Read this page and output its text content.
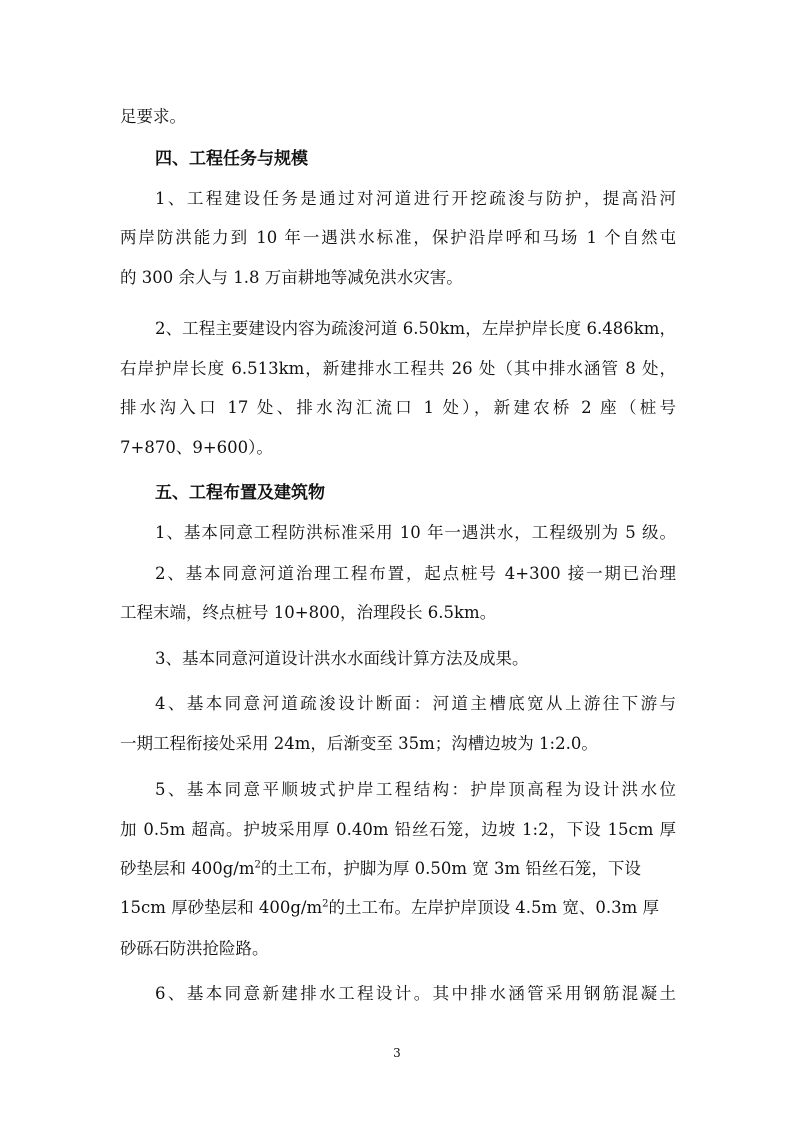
足要求。
四、工程任务与规模
1、工程建设任务是通过对河道进行开挖疏浚与防护，提高沿河
两岸防洪能力到 10 年一遇洪水标准，保护沿岸呼和马场 1 个自然屯
的 300 余人与 1.8 万亩耕地等减免洪水灾害。
2、工程主要建设内容为疏浚河道 6.50km，左岸护岸长度 6.486km，
右岸护岸长度 6.513km，新建排水工程共 26 处（其中排水涵管 8 处，
排水沟入口 17 处、排水沟汇流口 1 处），新建农桥 2 座（桩号
7+870、9+600）。
五、工程布置及建筑物
1、基本同意工程防洪标准采用 10 年一遇洪水，工程级别为 5 级。
2、基本同意河道治理工程布置，起点桩号 4+300 接一期已治理
工程末端，终点桩号 10+800，治理段长 6.5km。
3、基本同意河道设计洪水水面线计算方法及成果。
4、基本同意河道疏浚设计断面：河道主槽底宽从上游往下游与
一期工程衔接处采用 24m，后渐变至 35m；沟槽边坡为 1:2.0。
5、基本同意平顺坡式护岸工程结构：护岸顶高程为设计洪水位
加 0.5m 超高。护坡采用厚 0.40m 铅丝石笼，边坡 1:2，下设 15cm 厚
砂垫层和 $400g/m^2$的土工布，护脚为厚 0.50m 宽 3m 铅丝石笼，下设
15cm 厚砂垫层和 $400g/m^2$的土工布。左岸护岸顶设 4.5m 宽、0.3m 厚
砂砾石防洪抢险路。
6、基本同意新建排水工程设计。其中排水涵管采用钢筋混凝土
3
